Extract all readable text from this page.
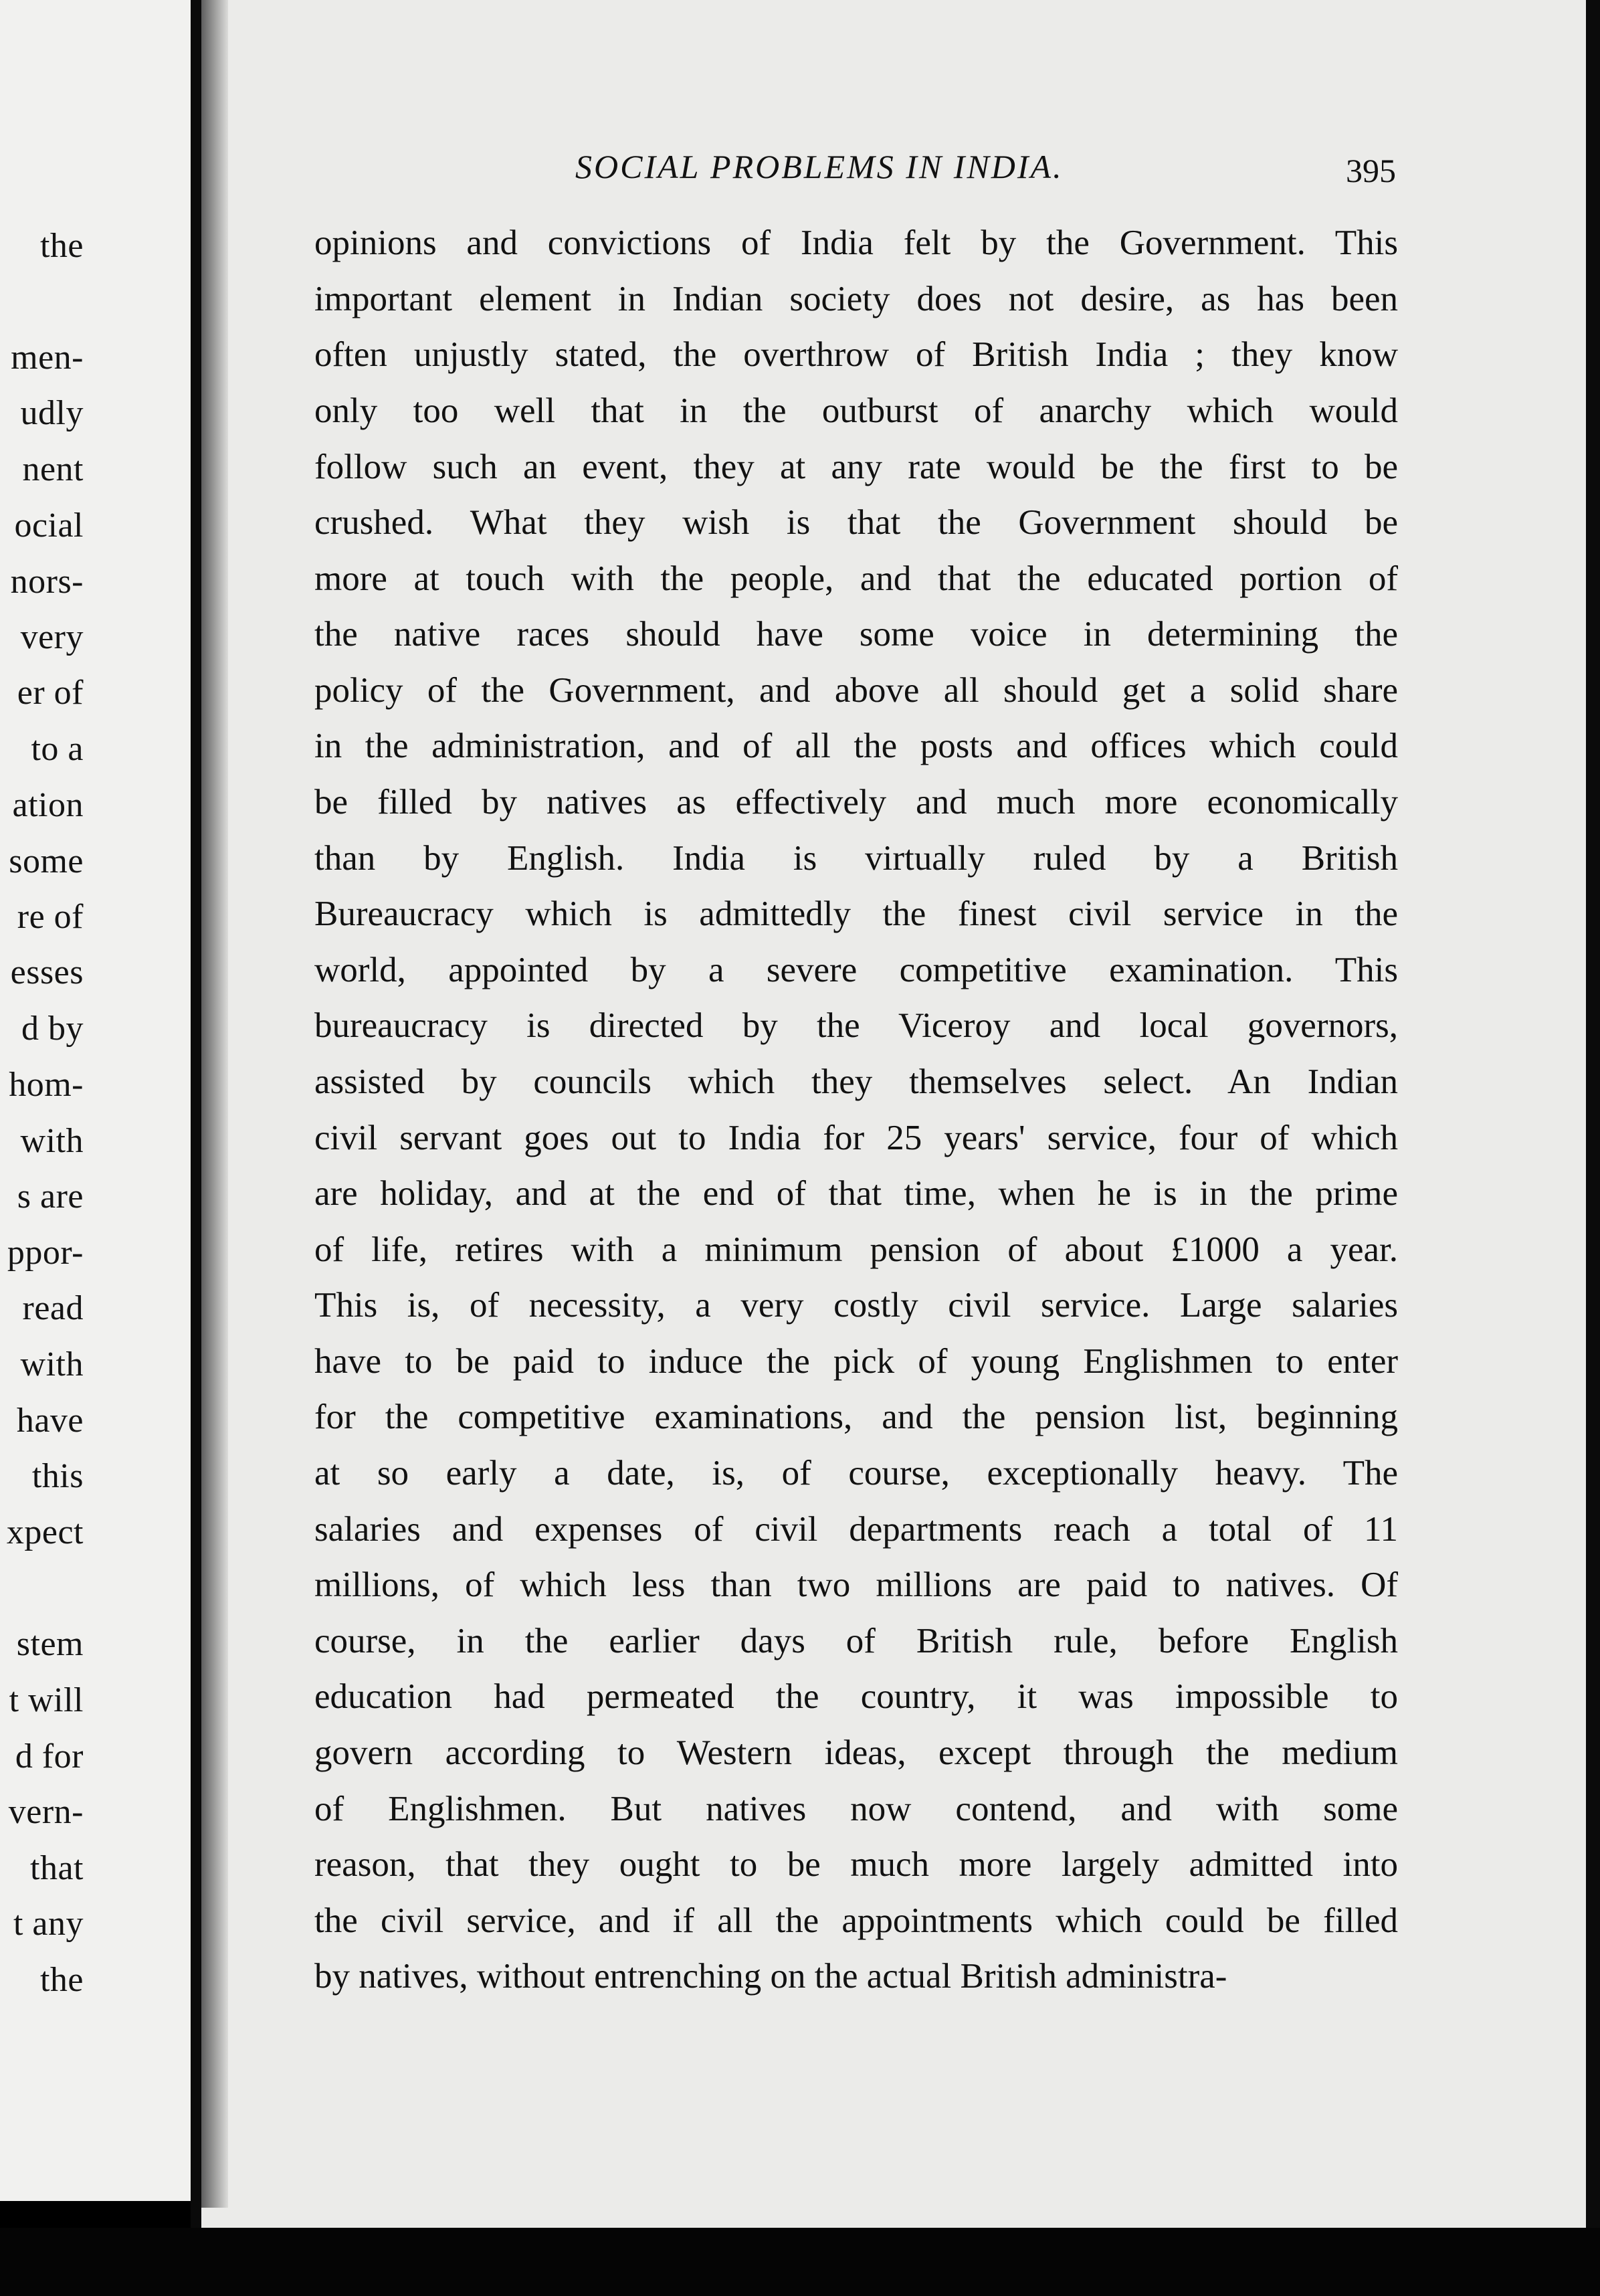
the
men-
udly
nent
ocial
nors-
very
er of
to a
ation
some
re of
esses
d by
hom-
with
s are
ppor-
read
with
have
this
xpect
stem
t will
d for
vern-
that
t any
the
SOCIAL PROBLEMS IN INDIA.	395
opinions and convictions of India felt by the Government. This
important element in Indian society does not desire, as has been
often unjustly stated, the overthrow of British India ; they know
only too well that in the outburst of anarchy which would
follow such an event, they at any rate would be the first to be
crushed. What they wish is that the Government should be
more at touch with the people, and that the educated portion of
the native races should have some voice in determining the
policy of the Government, and above all should get a solid share
in the administration, and of all the posts and offices which could
be filled by natives as effectively and much more economically
than by English. India is virtually ruled by a British
Bureaucracy which is admittedly the finest civil service in the
world, appointed by a severe competitive examination. This
bureaucracy is directed by the Viceroy and local governors,
assisted by councils which they themselves select. An Indian
civil servant goes out to India for 25 years' service, four of which
are holiday, and at the end of that time, when he is in the prime
of life, retires with a minimum pension of about £1000 a year.
This is, of necessity, a very costly civil service. Large salaries
have to be paid to induce the pick of young Englishmen to enter
for the competitive examinations, and the pension list, beginning
at so early a date, is, of course, exceptionally heavy. The
salaries and expenses of civil departments reach a total of 11
millions, of which less than two millions are paid to natives. Of
course, in the earlier days of British rule, before English
education had permeated the country, it was impossible to
govern according to Western ideas, except through the medium
of Englishmen. But natives now contend, and with some
reason, that they ought to be much more largely admitted into
the civil service, and if all the appointments which could be filled
by natives, without entrenching on the actual British administra-
